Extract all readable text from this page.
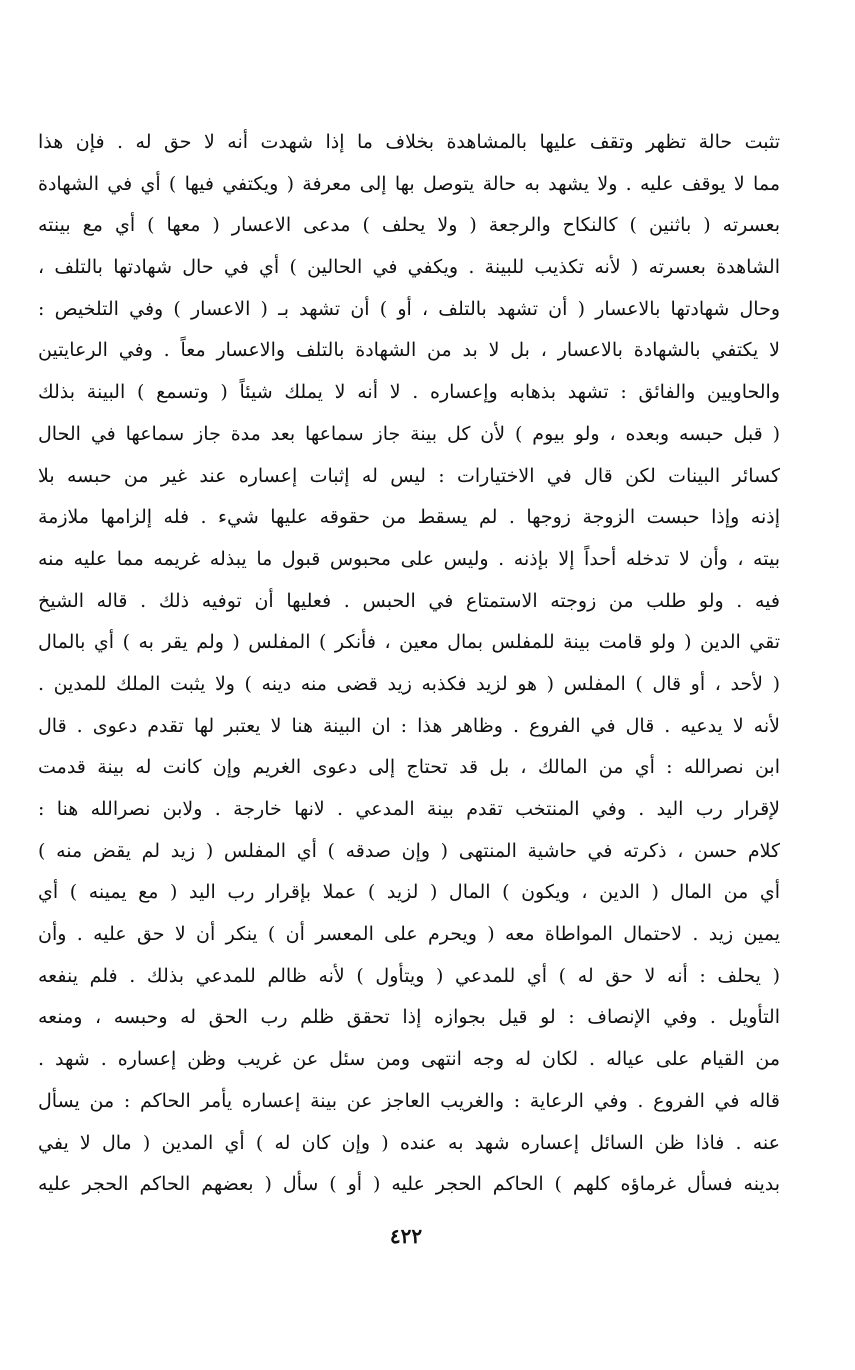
تثبت حالة تظهر وتقف عليها بالمشاهدة بخلاف ما إذا شهدت أنه لا حق له . فإن هذا
مما لا يوقف عليه . ولا يشهد به حالة يتوصل بها إلى معرفة ( ويكتفي فيها ) أي في الشهادة
بعسرته ( باثنين ) كالنكاح والرجعة ( ولا يحلف ) مدعى الاعسار ( معها ) أي مع بينته
الشاهدة بعسرته ( لأنه تكذيب للبينة . ويكفي في الحالين ) أي في حال شهادتها بالتلف ،
وحال شهادتها بالاعسار ( أن تشهد بالتلف ، أو ) أن تشهد بـ ( الاعسار ) وفي التلخيص :
لا يكتفي بالشهادة بالاعسار ، بل لا بد من الشهادة بالتلف والاعسار معاً . وفي الرعايتين
والحاويين والفائق : تشهد بذهابه وإعساره . لا أنه لا يملك شيئاً ( وتسمع ) البينة بذلك
( قبل حبسه وبعده ، ولو بيوم ) لأن كل بينة جاز سماعها بعد مدة جاز سماعها في الحال
كسائر البينات لكن قال في الاختيارات : ليس له إثبات إعساره عند غير من حبسه بلا
إذنه وإذا حبست الزوجة زوجها . لم يسقط من حقوقه عليها شيء . فله إلزامها ملازمة
بيته ، وأن لا تدخله أحداً إلا بإذنه . وليس على محبوس قبول ما يبذله غريمه مما عليه منه
فيه . ولو طلب من زوجته الاستمتاع في الحبس . فعليها أن توفيه ذلك . قاله الشيخ
تقي الدين ( ولو قامت بينة للمفلس بمال معين ، فأنكر ) المفلس ( ولم يقر به ) أي بالمال
( لأحد ، أو قال ) المفلس ( هو لزيد فكذبه زيد قضى منه دينه ) ولا يثبت الملك للمدين .
لأنه لا يدعيه . قال في الفروع . وظاهر هذا : ان البينة هنا لا يعتبر لها تقدم دعوى . قال
ابن نصرالله : أي من المالك ، بل قد تحتاج إلى دعوى الغريم وإن كانت له بينة قدمت
لإقرار رب اليد . وفي المنتخب تقدم بينة المدعي . لانها خارجة . ولابن نصرالله هنا :
كلام حسن ، ذكرته في حاشية المنتهى ( وإن صدقه ) أي المفلس ( زيد لم يقض منه )
أي من المال ( الدين ، ويكون ) المال ( لزيد ) عملا بإقرار رب اليد ( مع يمينه ) أي
يمين زيد . لاحتمال المواطاة معه ( ويحرم على المعسر أن ) ينكر أن لا حق عليه . وأن
( يحلف : أنه لا حق له ) أي للمدعي ( ويتأول ) لأنه ظالم للمدعي بذلك . فلم ينفعه
التأويل . وفي الإنصاف : لو قيل بجوازه إذا تحقق ظلم رب الحق له وحبسه ، ومنعه
من القيام على عياله . لكان له وجه انتهى ومن سئل عن غريب وظن إعساره . شهد .
قاله في الفروع . وفي الرعاية : والغريب العاجز عن بينة إعساره يأمر الحاكم : من يسأل
عنه . فاذا ظن السائل إعساره شهد به عنده ( وإن كان له ) أي المدين ( مال لا يفي
بدينه فسأل غرماؤه كلهم ) الحاكم الحجر عليه ( أو ) سأل ( بعضهم الحاكم الحجر عليه
٤٢٢
